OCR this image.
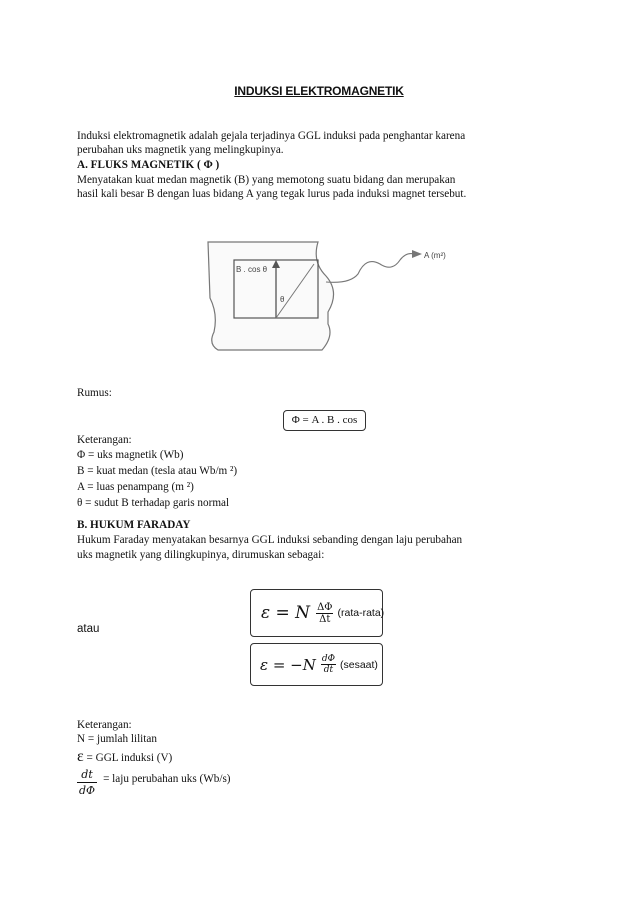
INDUKSI ELEKTROMAGNETIK
Induksi elektromagnetik adalah gejala terjadinya GGL induksi pada penghantar karena
perubahan uks magnetik yang melingkupinya.
A. FLUKS MAGNETIK ( Φ )
Menyatakan kuat medan magnetik (B) yang memotong suatu bidang dan merupakan
hasil kali besar B dengan luas bidang A yang tegak lurus pada induksi magnet tersebut.
B . cos θ
θ
A (m²)
Rumus:
Φ = A . B . cos
Keterangan:
Φ = uks magnetik (Wb)
B = kuat medan (tesla atau Wb/m ²)
A = luas penampang (m ²)
θ = sudut B terhadap garis normal
B. HUKUM FARADAY
Hukum Faraday menyatakan besarnya GGL induksi sebanding dengan laju perubahan
uks magnetik yang dilingkupinya, dirumuskan sebagai:
ε = N $\frac{\Delta\Phi}{\Delta t}$ (rata-rata)
atau
$\varepsilon = -N \frac{d\Phi}{dt}$ (sesaat)
Keterangan:
N = jumlah lilitan
ε = GGL induksi (V)
$\frac{dt}{d\Phi}$ = laju perubahan uks (Wb/s)
